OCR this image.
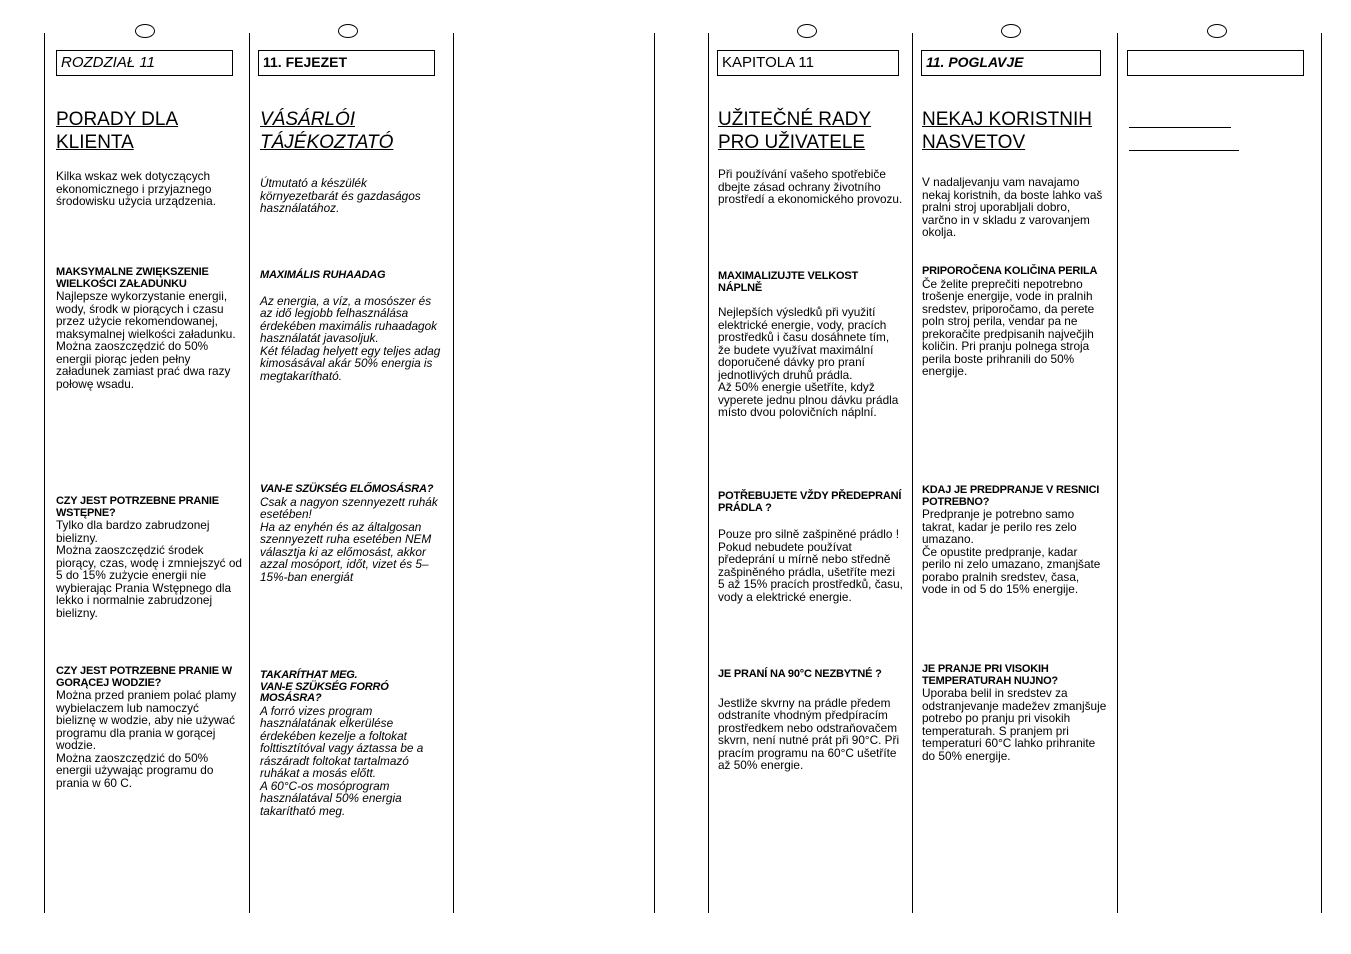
ROZDZIAŁ 11
PORADY DLA KLIENTA
Kilka wskaz wek dotyczących ekonomicznego i przyjaznego środowisku użycia urządzenia.
MAKSYMALNE ZWIĘKSZENIE WIELKOŚCI ZAŁADUNKU
Najlepsze wykorzystanie energii, wody, środk w piorących i czasu przez użycie rekomendowanej, maksymalnej wielkości załadunku.
Można zaoszczędzić do 50% energii piorąc jeden pełny załadunek zamiast prać dwa razy połowę wsadu.
CZY JEST POTRZEBNE PRANIE WSTĘPNE?
Tylko dla bardzo zabrudzonej bielizny.
Można zaoszczędzić środek piorący, czas, wodę i zmniejszyć od 5 do 15% zużycie energii nie wybierając Prania Wstępnego dla lekko i normalnie zabrudzonej bielizny.
CZY JEST POTRZEBNE PRANIE W GORĄCEJ WODZIE?
Można przed praniem polać plamy wybielaczem lub namoczyć bieliznę w wodzie, aby nie używać programu dla prania w gorącej wodzie.
Można zaoszczędzić do 50% energii używając programu do prania w 60 C.
11. FEJEZET
VÁSÁRLÓI TÁJÉKOZTATÓ
Útmutató a készülék környezetbarát és gazdaságos használatához.
MAXIMÁLIS RUHAADAG
Az energia, a víz, a mosószer és az idő legjobb felhasználása érdekében maximális ruhaadagok használatát javasoljuk.
Két féladag helyett egy teljes adag kimosásával akár 50% energia is megtakarítható.
VAN-E SZÜKSÉG ELŐMOSÁSRA?
Csak a nagyon szennyezett ruhák esetében!
Ha az enyhén és az általgosan szennyezett ruha esetében NEM választja ki az előmosást, akkor azzal mosóport, időt, vizet és 5–15%-ban energiát
TAKARÍTHAT MEG.
VAN-E SZÜKSÉG FORRÓ MOSÁSRA?
A forró vizes program használatának elkerülése érdekében kezelje a foltokat folttisztítóval vagy áztassa be a rászáradt foltokat tartalmazó ruhákat a mosás előtt.
A 60°C-os mosóprogram használatával 50% energia takarítható meg.
KAPITOLA 11
UŽITEČNÉ RADY PRO UŽIVATELE
Při používání vašeho spotřebiče dbejte zásad ochrany životního prostředí a ekonomického provozu.
MAXIMALIZUJTE VELKOST NÁPLNĚ
Nejlepších výsledků při využití elektrické energie, vody, pracích prostředků i času dosáhnete tím, že budete využívat maximální doporučené dávky pro praní jednotlivých druhů prádla.
Až 50% energie ušetříte, když vyperete jednu plnou dávku prádla místo dvou polovičních náplní.
POTŘEBUJETE VŽDY PŘEDEPRANÍ PRÁDLA ?
Pouze pro silně zašpiněné prádlo !
Pokud nebudete používat předeprání u mírně nebo středně zašpiněného prádla, ušetříte mezi 5 až 15% pracích prostředků, času, vody a elektrické energie.
JE PRANÍ NA 90°C NEZBYTNÉ ?
Jestliže skvrny na prádle předem odstraníte vhodným předpíracím prostředkem nebo odstraňovačem skvrn, není nutné prát při 90°C. Při pracím programu na 60°C ušetříte až 50% energie.
11. POGLAVJE
NEKAJ KORISTNIH NASVETOV
V nadaljevanju vam navajamo nekaj koristnih, da boste lahko vaš pralni stroj uporabljali dobro, varčno in v skladu z varovanjem okolja.
PRIPOROČENA KOLIČINA PERILA
Če želite preprečiti nepotrebno trošenje energije, vode in pralnih sredstev, priporočamo, da perete poln stroj perila, vendar pa ne prekoračite predpisanih največjih količin. Pri pranju polnega stroja perila boste prihranili do 50% energije.
KDAJ JE PREDPRANJE V RESNICI POTREBNO?
Predpranje je potrebno samo takrat, kadar je perilo res zelo umazano.
Če opustite predpranje, kadar perilo ni zelo umazano, zmanjšate porabo pralnih sredstev, časa, vode in od 5 do 15% energije.
JE PRANJE PRI VISOKIH TEMPERATURAH NUJNO?
Uporaba belil in sredstev za odstranjevanje madežev zmanjšuje potrebo po pranju pri visokih temperaturah. S pranjem pri temperaturi 60°C lahko prihranite do 50% energije.
